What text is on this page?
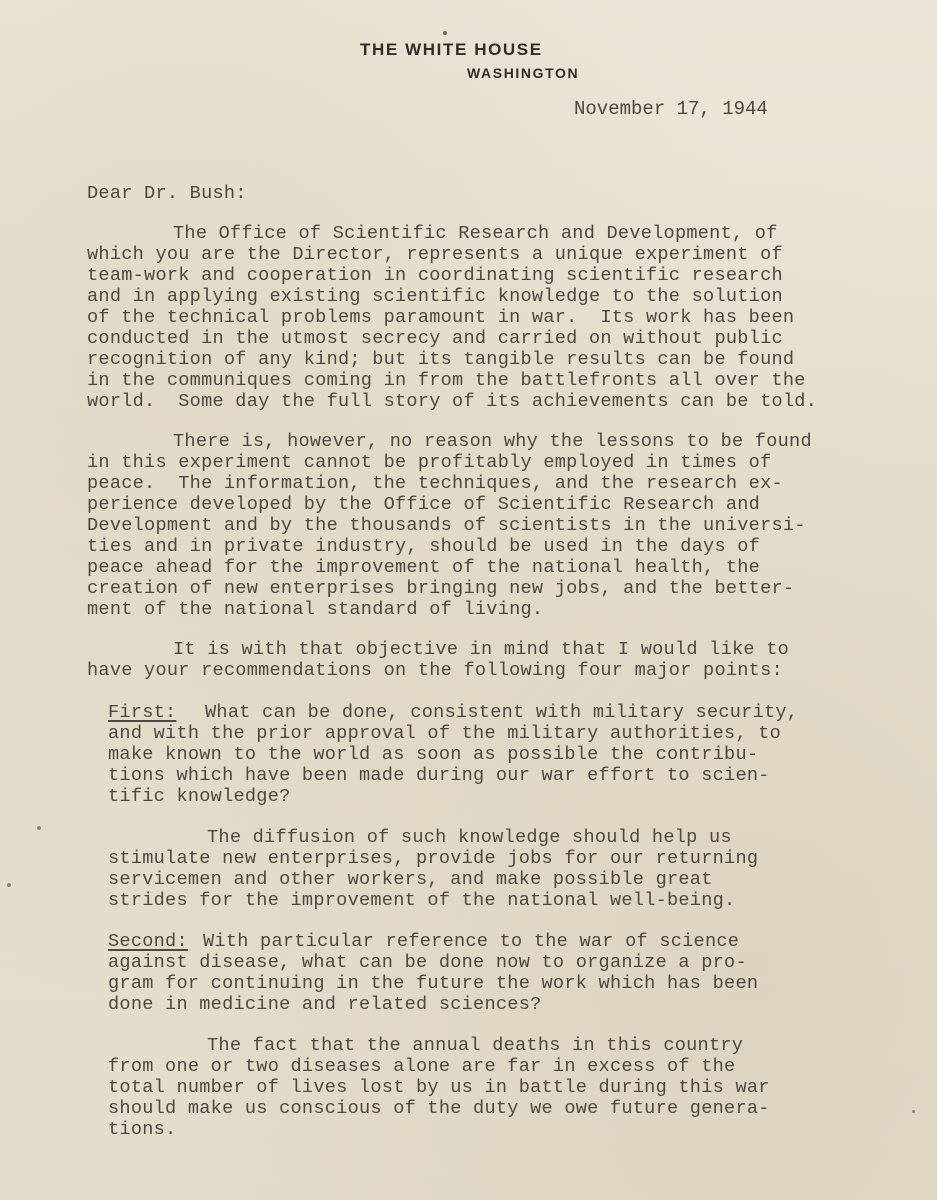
THE WHITE HOUSE
WASHINGTON
November 17, 1944
Dear Dr. Bush:
The Office of Scientific Research and Development, of
which you are the Director, represents a unique experiment of
team-work and cooperation in coordinating scientific research
and in applying existing scientific knowledge to the solution
of the technical problems paramount in war.  Its work has been
conducted in the utmost secrecy and carried on without public
recognition of any kind; but its tangible results can be found
in the communiques coming in from the battlefronts all over the
world.  Some day the full story of its achievements can be told.
There is, however, no reason why the lessons to be found
in this experiment cannot be profitably employed in times of
peace.  The information, the techniques, and the research ex-
perience developed by the Office of Scientific Research and
Development and by the thousands of scientists in the universi-
ties and in private industry, should be used in the days of
peace ahead for the improvement of the national health, the
creation of new enterprises bringing new jobs, and the better-
ment of the national standard of living.
It is with that objective in mind that I would like to
have your recommendations on the following four major points:
First: What can be done, consistent with military security,
and with the prior approval of the military authorities, to
make known to the world as soon as possible the contribu-
tions which have been made during our war effort to scien-
tific knowledge?
The diffusion of such knowledge should help us
stimulate new enterprises, provide jobs for our returning
servicemen and other workers, and make possible great
strides for the improvement of the national well-being.
Second: With particular reference to the war of science
against disease, what can be done now to organize a pro-
gram for continuing in the future the work which has been
done in medicine and related sciences?
The fact that the annual deaths in this country
from one or two diseases alone are far in excess of the
total number of lives lost by us in battle during this war
should make us conscious of the duty we owe future genera-
tions.
